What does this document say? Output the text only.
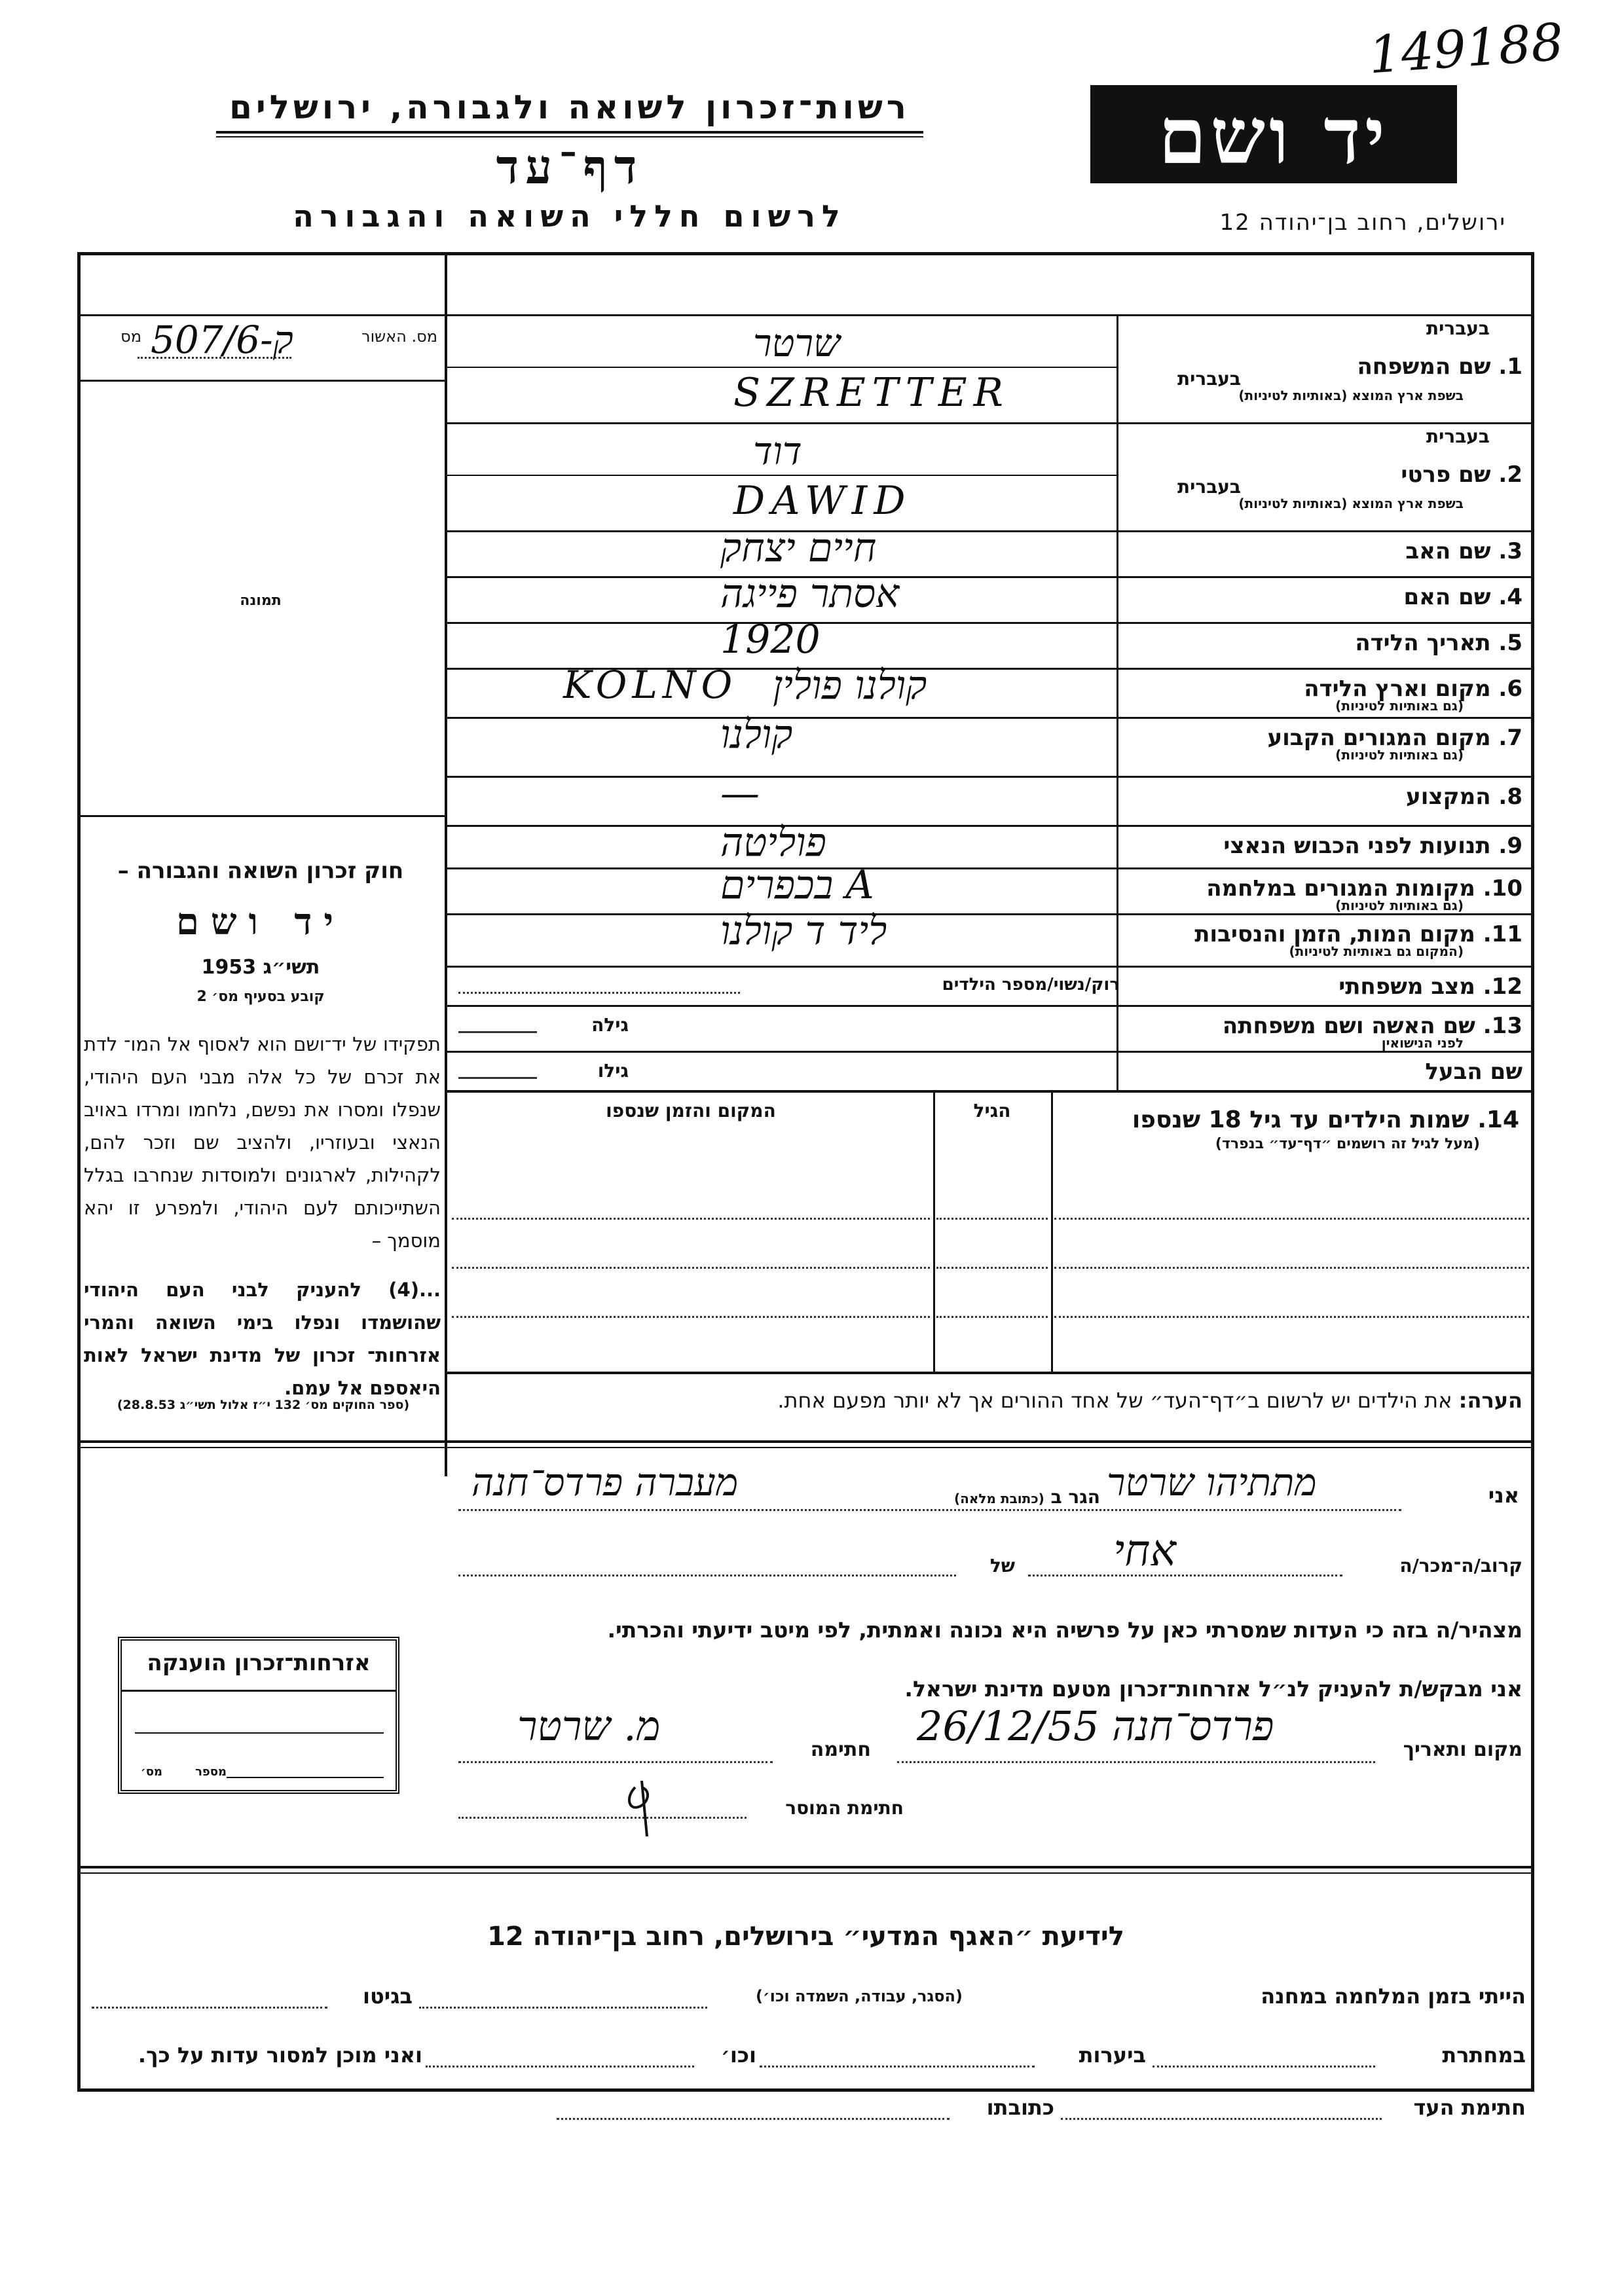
149188
יד ושם
רשות־זכרון לשואה ולגבורה, ירושלים
דף־עד
לרשום חללי השואה והגבורה	ירושלים, רחוב בן־יהודה 12
מס. האשור
מס 507/6-ק
תמונה
חוק זכרון השואה והגבורה –
יד ושם
תשי״ג 1953
קובע בסעיף מס׳ 2
תפקידו של יד־ושם הוא לאסוף אל המו־ לדת את זכרם של כל אלה מבני העם היהודי, שנפלו ומסרו את נפשם, נלחמו ומרדו באויב הנאצי ובעוזריו, ולהציב שם וזכר להם, לקהילות, לארגונים ולמוסדות שנחרבו בגלל השתייכותם לעם היהודי, ולמפרע זו יהא מוסמך –
...(4) להעניק לבני העם היהודי שהושמדו ונפלו בימי השואה והמרי אזרחות־ זכרון של מדינת ישראל לאות היאספם אל עמם.
(ספר החוקים מס׳ 132 י״ז אלול תשי״ג 28.8.53)
1. שם המשפחה
בעברית
בשפת ארץ המוצא (באותיות לטיניות)
בעברית
שרטר
SZRETTER
2. שם פרטי
בעברית
בשפת ארץ המוצא (באותיות לטיניות)
בעברית
דוד
DAWID
3. שם האב
חיים יצחק
4. שם האם
אסתר פייגה
5. תאריך הלידה
1920
6. מקום וארץ הלידה
(גם באותיות לטיניות)
KOLNO קולנו פולין
7. מקום המגורים הקבוע
(גם באותיות לטיניות)
קולנו
8. המקצוע
—
9. תנועות לפני הכבוש הנאצי
פוליטה
10. מקומות המגורים במלחמה
(גם באותיות לטיניות)
בכפרים A
11. מקום המות, הזמן והנסיבות
(המקום גם באותיות לטיניות)
ליד ד קולנו
12. מצב משפחתי
רוק/נשוי/מספר הילדים
13. שם האשה ושם משפחתה
לפני הנישואין
גילה
שם הבעל
גילו
14. שמות הילדים עד גיל 18 שנספו
(מעל לגיל זה רושמים ״דף־עד״ בנפרד)
הגיל
המקום והזמן שנספו
הערה: את הילדים יש לרשום ב״דף־העד״ של אחד ההורים אך לא יותר מפעם אחת.
אני
מתתיהו שרטר
הגר ב (כתובת מלאה)
מעברה פרדס־חנה
קרוב/ה־מכר/ה
אחי
של
מצהיר/ה בזה כי העדות שמסרתי כאן על פרשיה היא נכונה ואמתית, לפי מיטב ידיעתי והכרתי.
אני מבקש/ת להעניק לנ״ל אזרחות־זכרון מטעם מדינת ישראל.
מקום ותאריך
פרדס־חנה 26/12/55
חתימה
מ. שרטר
חתימת המוסר
אזרחות־זכרון הוענקה
מספר
מס׳
לידיעת ״האגף המדעי״ בירושלים, רחוב בן־יהודה 12
הייתי בזמן המלחמה במחנה
(הסגר, עבודה, השמדה וכו׳)
בגיטו
במחתרת
ביערות
וכו׳
ואני מוכן למסור עדות על כך.
חתימת העד
כתובתו
